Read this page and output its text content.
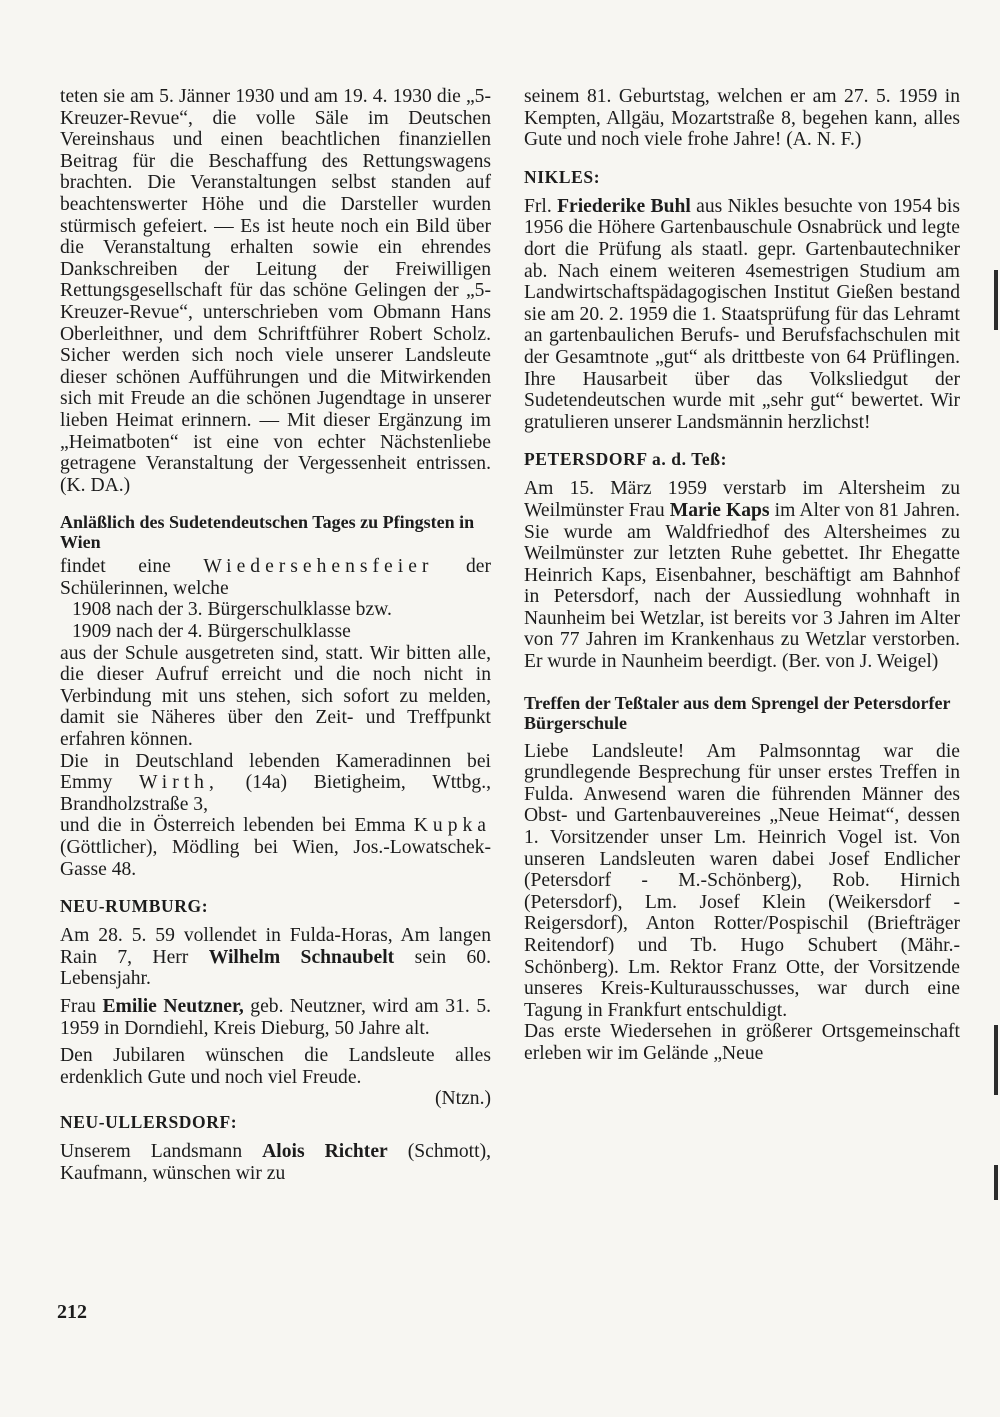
teten sie am 5. Jänner 1930 und am 19. 4. 1930 die „5-Kreuzer-Revue“, die volle Säle im Deutschen Vereinshaus und einen beachtlichen finanziellen Beitrag für die Beschaffung des Rettungswagens brachten. Die Veranstaltungen selbst standen auf beachtenswerter Höhe und die Darsteller wurden stürmisch gefeiert. — Es ist heute noch ein Bild über die Veranstaltung erhalten sowie ein ehrendes Dankschreiben der Leitung der Freiwilligen Rettungsgesellschaft für das schöne Gelingen der „5-Kreuzer-Revue“, unterschrieben vom Obmann Hans Oberleithner, und dem Schriftführer Robert Scholz. Sicher werden sich noch viele unserer Landsleute dieser schönen Aufführungen und die Mitwirkenden sich mit Freude an die schönen Jugendtage in unserer lieben Heimat erinnern. — Mit dieser Ergänzung im „Heimatboten“ ist eine von echter Nächstenliebe getragene Veranstaltung der Vergessenheit entrissen. (K. DA.)

Anläßlich des Sudetendeutschen Tages zu Pfingsten in Wien

findet eine Wiedersehensfeier der Schülerinnen, welche

1908 nach der 3. Bürgerschulklasse bzw.

1909 nach der 4. Bürgerschulklasse

aus der Schule ausgetreten sind, statt. Wir bitten alle, die dieser Aufruf erreicht und die noch nicht in Verbindung mit uns stehen, sich sofort zu melden, damit sie Näheres über den Zeit- und Treffpunkt erfahren können.

Die in Deutschland lebenden Kameradinnen bei Emmy Wirth, (14a) Bietigheim, Wttbg., Brandholzstraße 3,

und die in Österreich lebenden bei Emma Kupka (Göttlicher), Mödling bei Wien, Jos.-Lowatschek-Gasse 48.

NEU-RUMBURG:

Am 28. 5. 59 vollendet in Fulda-Horas, Am langen Rain 7, Herr Wilhelm Schnaubelt sein 60. Lebensjahr.

Frau Emilie Neutzner, geb. Neutzner, wird am 31. 5. 1959 in Dorndiehl, Kreis Dieburg, 50 Jahre alt.

Den Jubilaren wünschen die Landsleute alles erdenklich Gute und noch viel Freude.

(Ntzn.)

NEU-ULLERSDORF:

Unserem Landsmann Alois Richter (Schmott), Kaufmann, wünschen wir zu

seinem 81. Geburtstag, welchen er am 27. 5. 1959 in Kempten, Allgäu, Mozartstraße 8, begehen kann, alles Gute und noch viele frohe Jahre! (A. N. F.)

NIKLES:

Frl. Friederike Buhl aus Nikles besuchte von 1954 bis 1956 die Höhere Gartenbauschule Osnabrück und legte dort die Prüfung als staatl. gepr. Gartenbautechniker ab. Nach einem weiteren 4semestrigen Studium am Landwirtschaftspädagogischen Institut Gießen bestand sie am 20. 2. 1959 die 1. Staatsprüfung für das Lehramt an gartenbaulichen Berufs- und Berufsfachschulen mit der Gesamtnote „gut“ als drittbeste von 64 Prüflingen. Ihre Hausarbeit über das Volksliedgut der Sudetendeutschen wurde mit „sehr gut“ bewertet. Wir gratulieren unserer Landsmännin herzlichst!

PETERSDORF a. d. Teß:

Am 15. März 1959 verstarb im Altersheim zu Weilmünster Frau Marie Kaps im Alter von 81 Jahren. Sie wurde am Waldfriedhof des Altersheimes zu Weilmünster zur letzten Ruhe gebettet. Ihr Ehegatte Heinrich Kaps, Eisenbahner, beschäftigt am Bahnhof in Petersdorf, nach der Aussiedlung wohnhaft in Naunheim bei Wetzlar, ist bereits vor 3 Jahren im Alter von 77 Jahren im Krankenhaus zu Wetzlar verstorben. Er wurde in Naunheim beerdigt. (Ber. von J. Weigel)

Treffen der Teßtaler aus dem Sprengel der Petersdorfer Bürgerschule

Liebe Landsleute! Am Palmsonntag war die grundlegende Besprechung für unser erstes Treffen in Fulda. Anwesend waren die führenden Männer des Obst- und Gartenbauvereines „Neue Heimat“, dessen 1. Vorsitzender unser Lm. Heinrich Vogel ist. Von unseren Landsleuten waren dabei Josef Endlicher (Petersdorf - M.-Schönberg), Rob. Hirnich (Petersdorf), Lm. Josef Klein (Weikersdorf - Reigersdorf), Anton Rotter/Pospischil (Briefträger Reitendorf) und Tb. Hugo Schubert (Mähr.-Schönberg). Lm. Rektor Franz Otte, der Vorsitzende unseres Kreis-Kulturausschusses, war durch eine Tagung in Frankfurt entschuldigt.

Das erste Wiedersehen in größerer Ortsgemeinschaft erleben wir im Gelände „Neue

212
